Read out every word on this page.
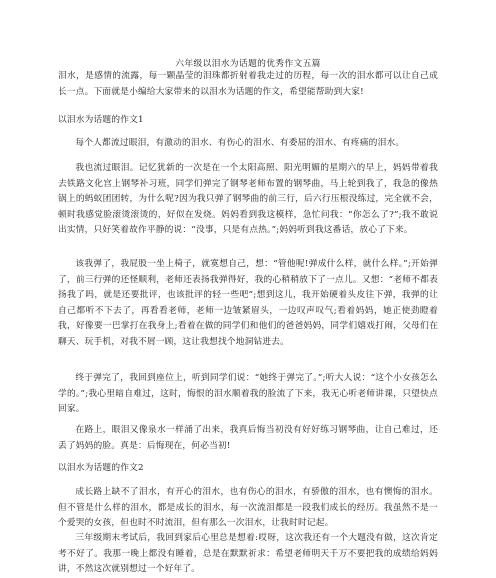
六年级以泪水为话题的优秀作文五篇
泪水，是感情的流露，每一颗晶莹的泪珠都折射着我走过的历程，每一次的泪水都可以让自己成长一点。下面就是小编给大家带来的以泪水为话题的作文，希望能帮助到大家!
以泪水为话题的作文1
每个人都流过眼泪，有激动的泪水、有伤心的泪水、有委屈的泪水、有疼痛的泪水。
我也流过眼泪。记忆犹新的一次是在一个太阳高照、阳光明媚的星期六的早上，妈妈带着我去铁路文化宫上钢琴补习班，同学们弹完了钢琴老师布置的钢琴曲，马上轮到我了，我急的像热锅上的蚂蚁团团转，为什么呢?因为我只弹了钢琴曲的前三行，后六行压根没练过，完全就不会，顿时我感觉脸滚烫滚烫的，好似在发烧。妈妈看到我这模样，急忙问我：“你怎么了?”;我不敢说出实情，只好笑着故作平静的说：“没事，只是有点热。”;妈妈听到我这番话，放心了下来。
该我弹了，我屁股一坐上椅子，就寞想自己，想：“管他呢!弹成什么样，就什么样。”;开始弹了，前三行弹的还怪顺利，老师还表扬我弹得好，我的心稍稍放下了一点儿。又想：“老师不都表扬我了吗，就是还要批评，也该批评的轻一些吧”;想到这儿，我开始硬着头皮往下弹，我弹的让自己都听不下去了，再看看老师，老师一边皱紧眉头，一边叹声叹气;看着妈妈，她正使劲瞪着我，好像要一巴掌打在我身上;看着在做的同学们和他们的爸爸妈妈，同学们嬉戏打闹，父母们在聊天、玩手机，对我不屑一顾，这让我想找个地洞钻进去。
终于弹完了，我回到座位上，听到同学们说：“她终于弹完了。”;听大人说：“这个小女孩怎么学的。”;我心里暗自难过，这时，悔恨的泪水顺着我的脸流了下来，我无心听老师讲课，只望快点回家。
在路上，眼泪又像泉水一样涌了出来，我真后悔当初没有好好练习钢琴曲，让自己难过，还丢了妈妈的脸。真是：后悔现在，何必当初!
以泪水为话题的作文2
成长路上缺不了泪水，有开心的泪水，也有伤心的泪水，有骄傲的泪水，也有懊悔的泪水。但不管是什么样的泪水，都是成长的泪水，每一次流泪都是一段我们成长的经历。我虽然不是一个爱哭的女孩，但也时不时流泪，但有那么一次泪水，让我时时记起。
三年级期末考试后，我回到家后心里总是想着:哎呀，这次我还有一个大题没有做，这次肯定考不好了。我那一晚上都没有睡着，总是在默默祈求：希望老师明天千万不要把我的成绩给妈妈讲，不然这次就别想过一个好年了。
